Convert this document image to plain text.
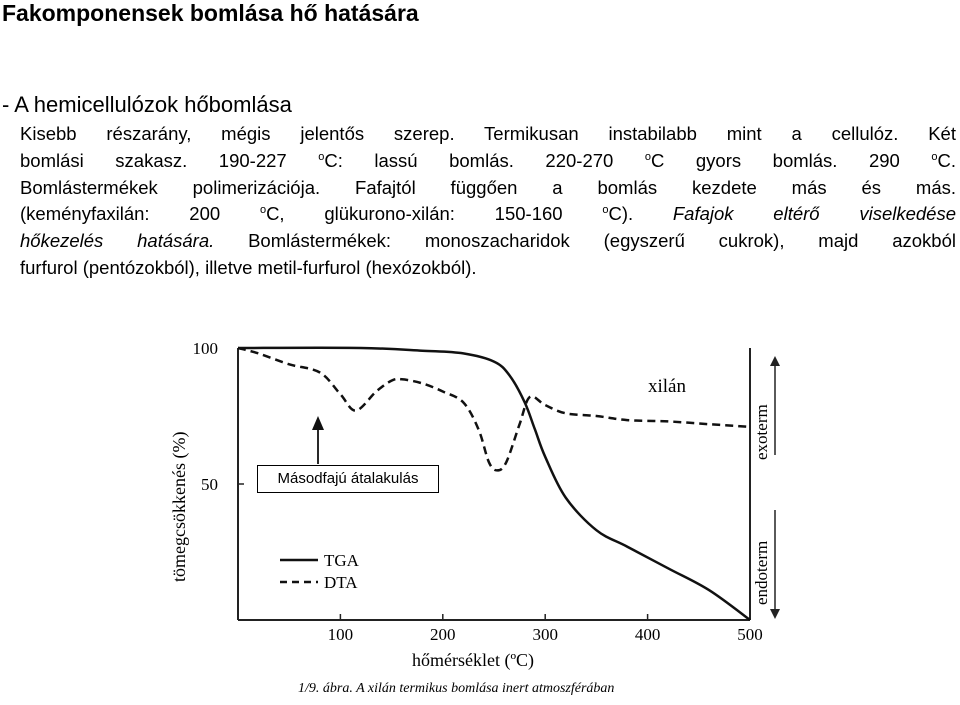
Fakomponensek bomlása hő hatására
- A hemicellulózok hőbomlása
Kisebb részarány, mégis jelentős szerep. Termikusan instabilabb mint a cellulóz. Két
bomlási szakasz. 190-227 $^o$C: lassú bomlás. 220-270 $^o$C gyors bomlás. 290 $^o$C.
Bomlástermékek polimerizációja. Fafajtól függően a bomlás kezdete más és más.
(keményfaxilán: 200 $^o$C, glükurono-xilán: 150-160 $^o$C). Fafajok eltérő viselkedése
hőkezelés hatására. Bomlástermékek: monoszacharidok (egyszerű cukrok), majd azokból
furfurol (pentózokból), illetve metil-furfurol (hexózokból).
100	200	300	400	500
100
50
xilán
exoterm
endoterm
TGA
DTA
tömegcsökkenés (%)
hőmérséklet (ºC)
1/9. ábra. A xilán termikus bomlása inert atmoszférában
Másodfajú átalakulás
